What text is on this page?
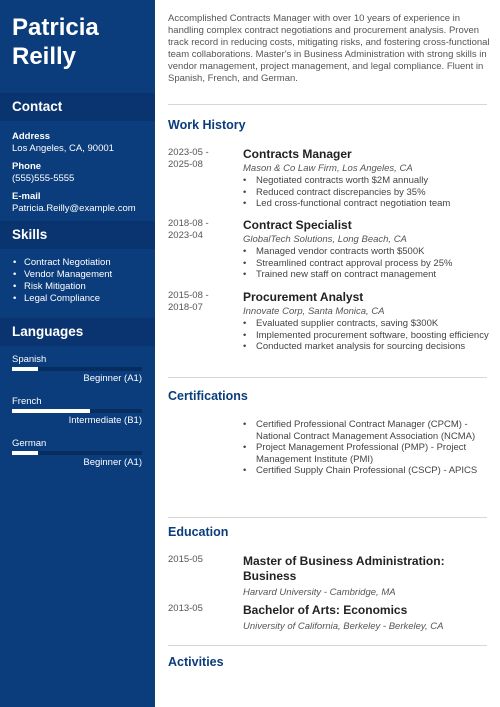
Patricia
Reilly
Contact
Address
Los Angeles, CA, 90001
Phone
(555)555-5555
E-mail
Patricia.Reilly@example.com
Skills
• Contract Negotiation
• Vendor Management
• Risk Mitigation
• Legal Compliance
Languages
Spanish
Beginner (A1)
French
Intermediate (B1)
German
Beginner (A1)
Accomplished Contracts Manager with over 10 years of experience in handling complex contract negotiations and procurement analysis. Proven track record in reducing costs, mitigating risks, and fostering cross-functional team collaborations. Master's in Business Administration with strong skills in vendor management, project management, and legal compliance. Fluent in Spanish, French, and German.
Work History
2023-05 -
2025-08
Contracts Manager
Mason & Co Law Firm, Los Angeles, CA
• Negotiated contracts worth $2M annually
• Reduced contract discrepancies by 35%
• Led cross-functional contract negotiation team
2018-08 -
2023-04
Contract Specialist
GlobalTech Solutions, Long Beach, CA
• Managed vendor contracts worth $500K
• Streamlined contract approval process by 25%
• Trained new staff on contract management
2015-08 -
2018-07
Procurement Analyst
Innovate Corp, Santa Monica, CA
• Evaluated supplier contracts, saving $300K
• Implemented procurement software, boosting efficiency
• Conducted market analysis for sourcing decisions
Certifications
• Certified Professional Contract Manager (CPCM) - National Contract Management Association (NCMA)
• Project Management Professional (PMP) - Project Management Institute (PMI)
• Certified Supply Chain Professional (CSCP) - APICS
Education
2015-05	Master of Business Administration: Business
Harvard University - Cambridge, MA
2013-05	Bachelor of Arts: Economics
University of California, Berkeley - Berkeley, CA
Activities
